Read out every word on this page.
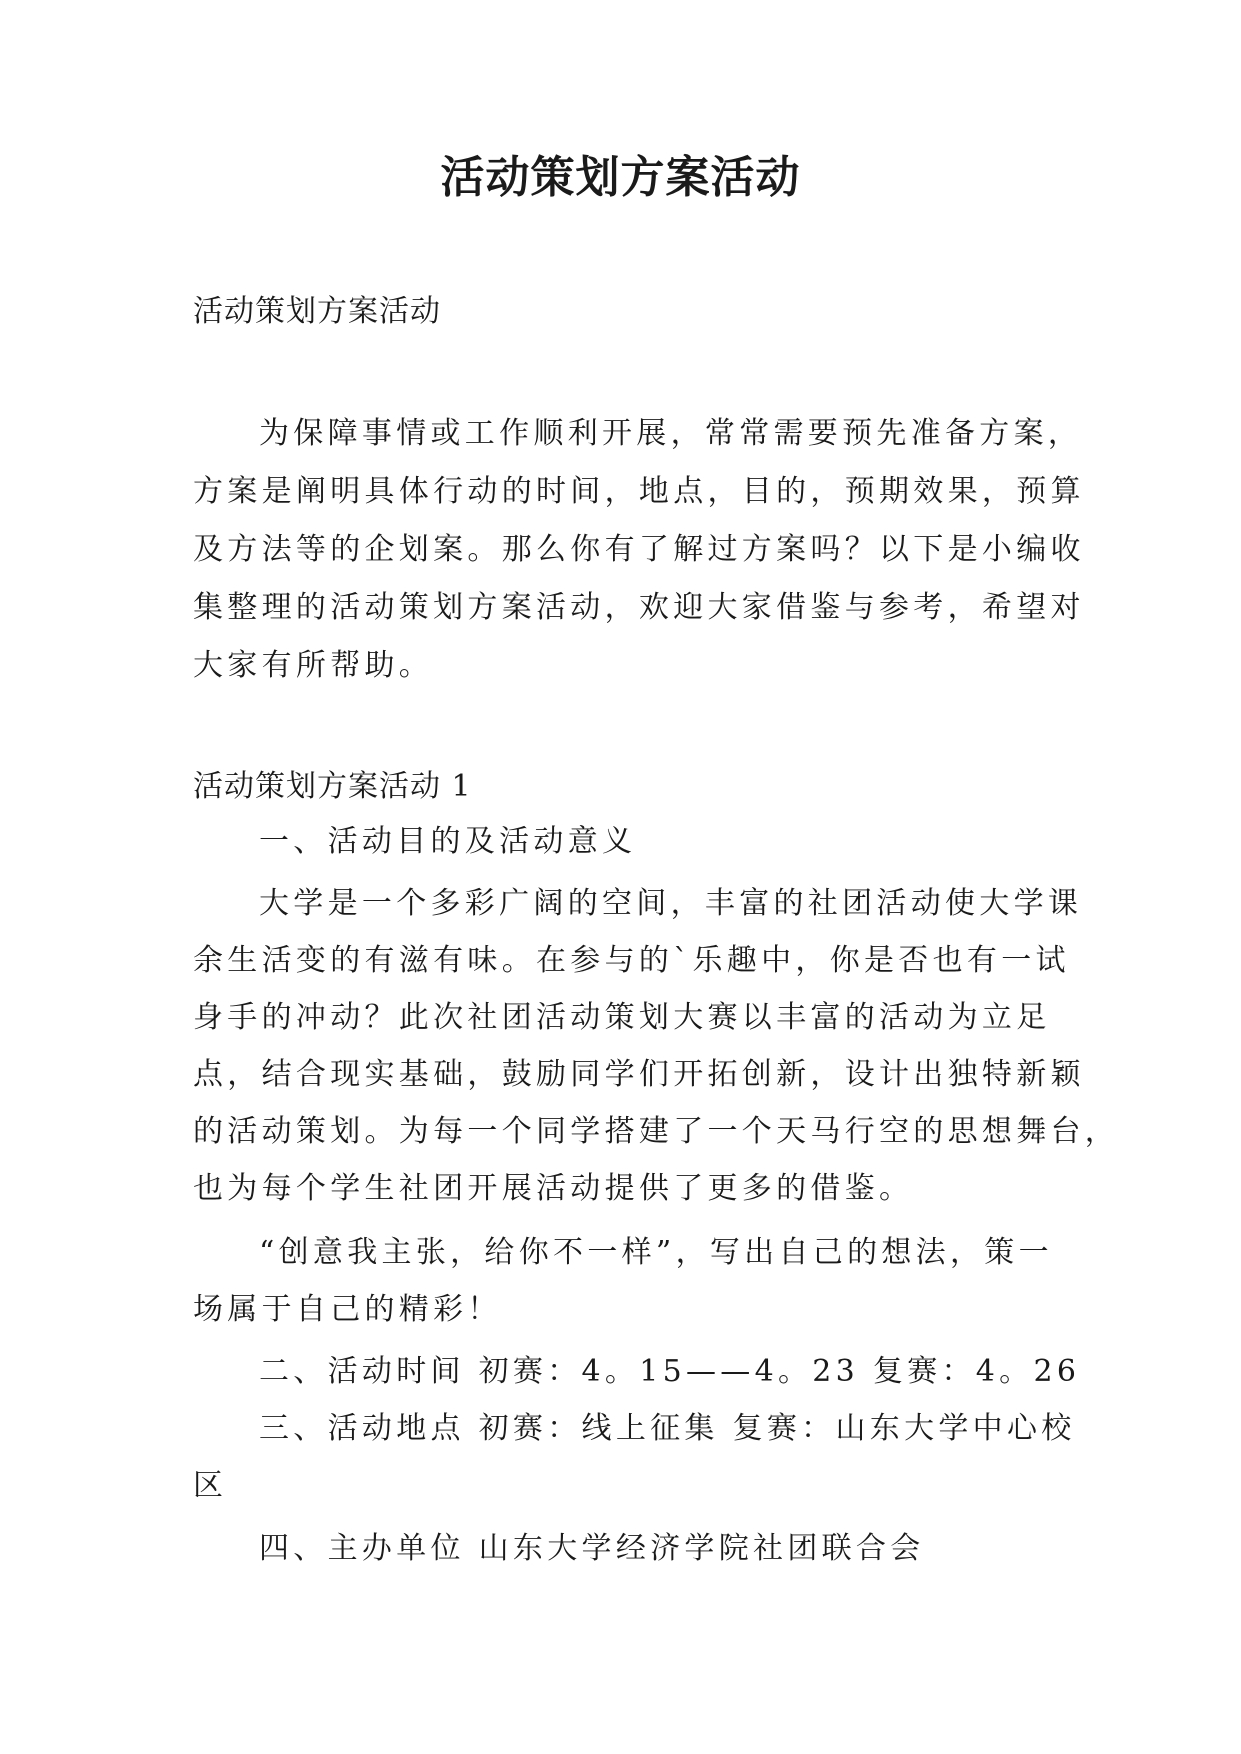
活动策划方案活动
活动策划方案活动
为保障事情或工作顺利开展，常常需要预先准备方案，
方案是阐明具体行动的时间，地点，目的，预期效果，预算
及方法等的企划案。那么你有了解过方案吗？以下是小编收
集整理的活动策划方案活动，欢迎大家借鉴与参考，希望对
大家有所帮助。
活动策划方案活动 1
一、活动目的及活动意义
大学是一个多彩广阔的空间，丰富的社团活动使大学课
余生活变的有滋有味。在参与的`乐趣中，你是否也有一试
身手的冲动？此次社团活动策划大赛以丰富的活动为立足
点，结合现实基础，鼓励同学们开拓创新，设计出独特新颖
的活动策划。为每一个同学搭建了一个天马行空的思想舞台，
也为每个学生社团开展活动提供了更多的借鉴。
“创意我主张，给你不一样”，写出自己的想法，策一
场属于自己的精彩！
二、活动时间 初赛：4。15——4。23 复赛：4。26
三、活动地点 初赛：线上征集 复赛：山东大学中心校
区
四、主办单位 山东大学经济学院社团联合会
